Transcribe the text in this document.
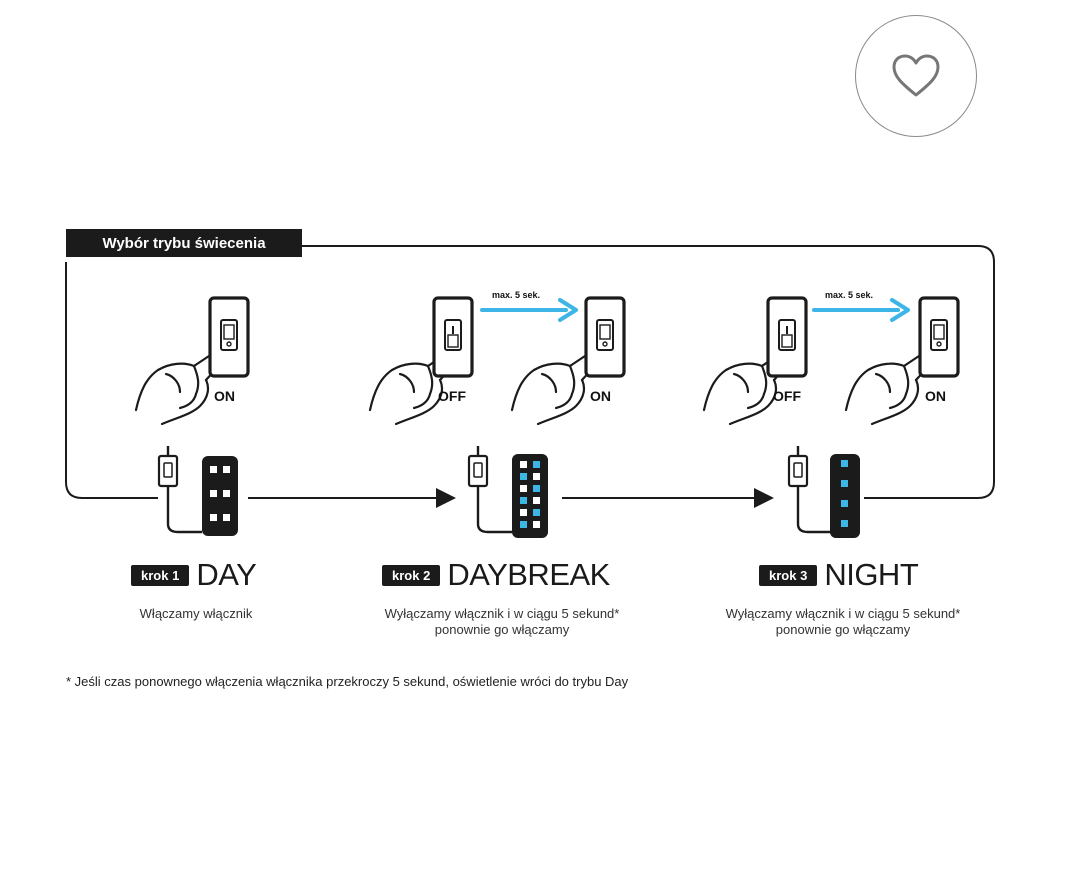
Wybór trybu świecenia
max. 5 sek.	max. 5 sek.
ON	OFF	ON	OFF	ON
krok 1 DAY	krok 2 DAYBREAK	krok 3 NIGHT
Włączamy włącznik	Wyłączamy włącznik i w ciągu 5 sekund*
ponownie go włączamy
Wyłączamy włącznik i w ciągu 5 sekund*
ponownie go włączamy
* Jeśli czas ponownego włączenia włącznika przekroczy 5 sekund, oświetlenie wróci do trybu Day
